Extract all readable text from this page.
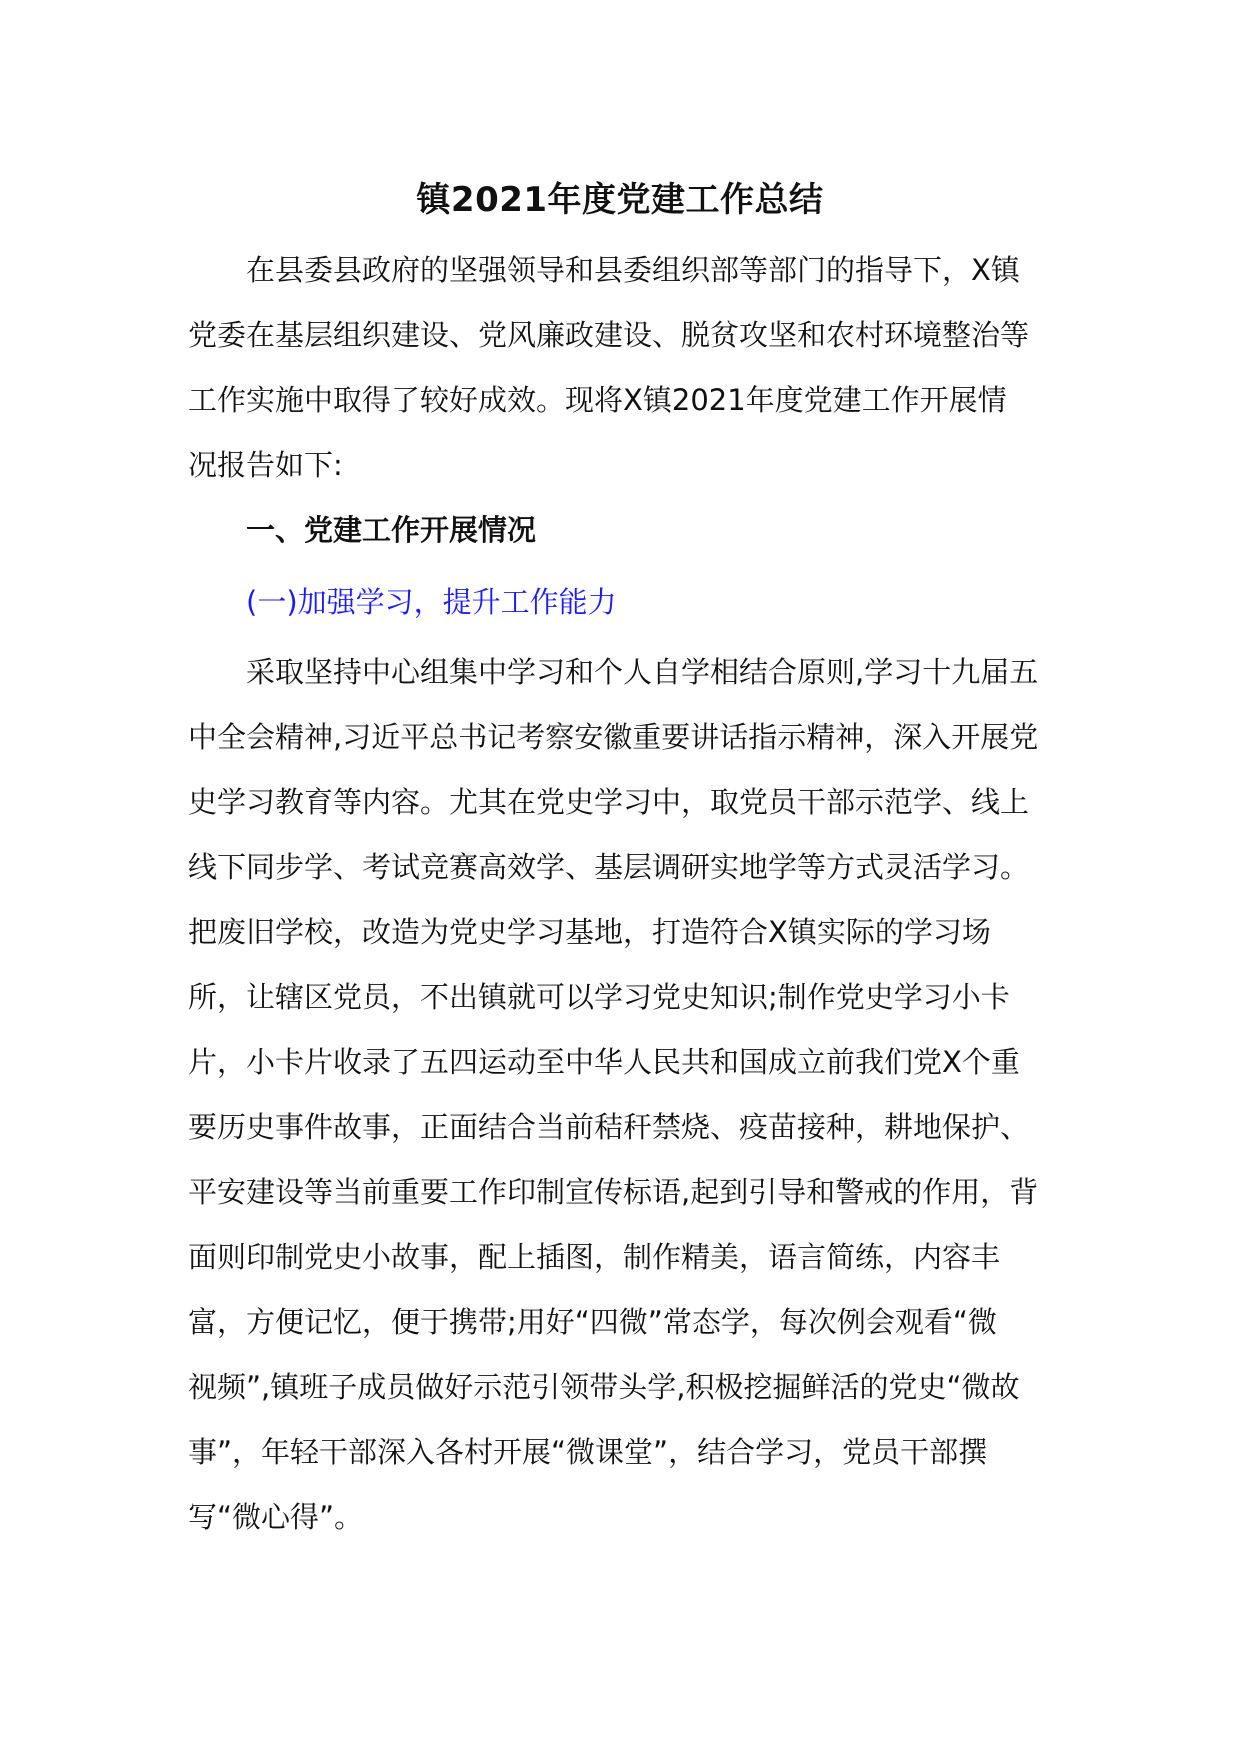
镇2021年度党建工作总结
在县委县政府的坚强领导和县委组织部等部门的指导下，X镇
党委在基层组织建设、党风廉政建设、脱贫攻坚和农村环境整治等
工作实施中取得了较好成效。现将X镇2021年度党建工作开展情
况报告如下:
一、党建工作开展情况
(一)加强学习，提升工作能力
采取坚持中心组集中学习和个人自学相结合原则,学习十九届五
中全会精神,习近平总书记考察安徽重要讲话指示精神，深入开展党
史学习教育等内容。尤其在党史学习中，取党员干部示范学、线上
线下同步学、考试竞赛高效学、基层调研实地学等方式灵活学习。
把废旧学校，改造为党史学习基地，打造符合X镇实际的学习场
所，让辖区党员，不出镇就可以学习党史知识;制作党史学习小卡
片，小卡片收录了五四运动至中华人民共和国成立前我们党X个重
要历史事件故事，正面结合当前秸秆禁烧、疫苗接种，耕地保护、
平安建设等当前重要工作印制宣传标语,起到引导和警戒的作用，背
面则印制党史小故事，配上插图，制作精美，语言简练，内容丰
富，方便记忆，便于携带;用好“四微”常态学，每次例会观看“微
视频”,镇班子成员做好示范引领带头学,积极挖掘鲜活的党史“微故
事”，年轻干部深入各村开展“微课堂”，结合学习，党员干部撰
写“微心得”。
